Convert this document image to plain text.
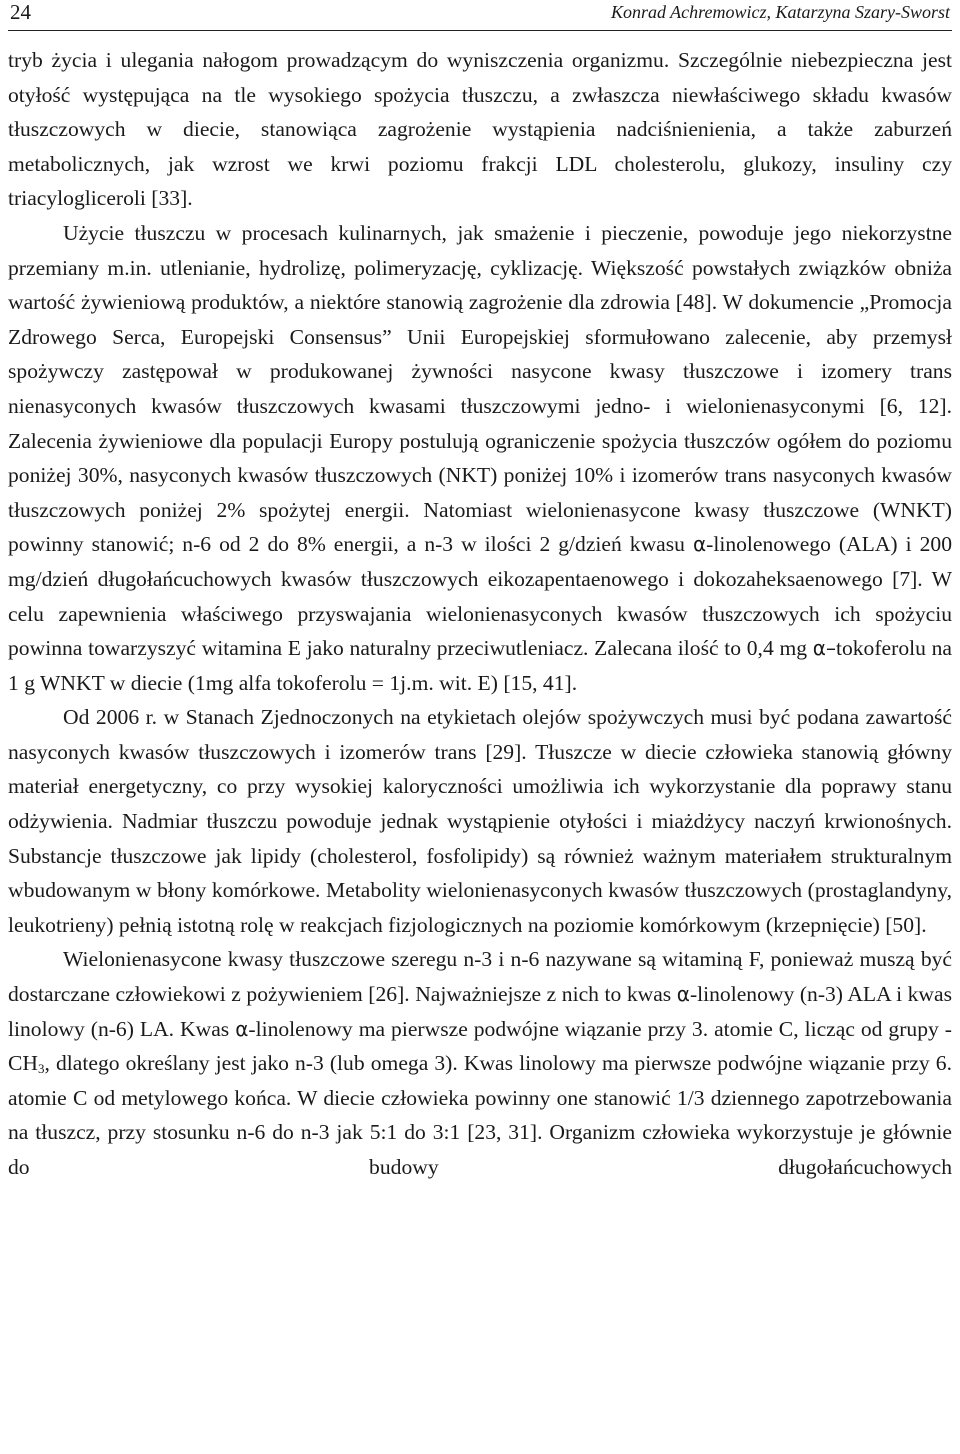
24	Konrad Achremowicz, Katarzyna Szary-Sworst

tryb życia i ulegania nałogom prowadzącym do wyniszczenia organizmu. Szczególnie niebezpieczna jest otyłość występująca na tle wysokiego spożycia tłuszczu, a zwłaszcza niewłaściwego składu kwasów tłuszczowych w diecie, stanowiąca zagrożenie wystąpienia nadciśnienienia, a także zaburzeń metabolicznych, jak wzrost we krwi poziomu frakcji LDL cholesterolu, glukozy, insuliny czy triacylogliceroli [33].

Użycie tłuszczu w procesach kulinarnych, jak smażenie i pieczenie, powoduje jego niekorzystne przemiany m.in. utlenianie, hydrolizę, polimeryzację, cyklizację. Większość powstałych związków obniża wartość żywieniową produktów, a niektóre stanowią zagrożenie dla zdrowia [48]. W dokumencie „Promocja Zdrowego Serca, Europejski Consensus” Unii Europejskiej sformułowano zalecenie, aby przemysł spożywczy zastępował w produkowanej żywności nasycone kwasy tłuszczowe i izomery trans nienasyconych kwasów tłuszczowych kwasami tłuszczowymi jedno- i wielonienasyconymi [6, 12]. Zalecenia żywieniowe dla populacji Europy postulują ograniczenie spożycia tłuszczów ogółem do poziomu poniżej 30%, nasyconych kwasów tłuszczowych (NKT) poniżej 10% i izomerów trans nasyconych kwasów tłuszczowych poniżej 2% spożytej energii. Natomiast wielonienasycone kwasy tłuszczowe (WNKT) powinny stanowić; n-6 od 2 do 8% energii, a n-3 w ilości 2 g/dzień kwasu α-linolenowego (ALA) i 200 mg/dzień długołańcuchowych kwasów tłuszczowych eikozapentaenowego i dokozaheksaenowego [7]. W celu zapewnienia właściwego przyswajania wielonienasyconych kwasów tłuszczowych ich spożyciu powinna towarzyszyć witamina E jako naturalny przeciwutleniacz. Zalecana ilość to 0,4 mg α–tokoferolu na 1 g WNKT w diecie (1mg alfa tokoferolu = 1j.m. wit. E) [15, 41].

Od 2006 r. w Stanach Zjednoczonych na etykietach olejów spożywczych musi być podana zawartość nasyconych kwasów tłuszczowych i izomerów trans [29]. Tłuszcze w diecie człowieka stanowią główny materiał energetyczny, co przy wysokiej kaloryczności umożliwia ich wykorzystanie dla poprawy stanu odżywienia. Nadmiar tłuszczu powoduje jednak wystąpienie otyłości i miażdżycy naczyń krwionośnych. Substancje tłuszczowe jak lipidy (cholesterol, fosfolipidy) są również ważnym materiałem strukturalnym wbudowanym w błony komórkowe. Metabolity wielonienasyconych kwasów tłuszczowych (prostaglandyny, leukotrieny) pełnią istotną rolę w reakcjach fizjologicznych na poziomie komórkowym (krzepnięcie) [50].

Wielonienasycone kwasy tłuszczowe szeregu n-3 i n-6 nazywane są witaminą F, ponieważ muszą być dostarczane człowiekowi z pożywieniem [26]. Najważniejsze z nich to kwas α-linolenowy (n-3) ALA i kwas linolowy (n-6) LA. Kwas α-linolenowy ma pierwsze podwójne wiązanie przy 3. atomie C, licząc od grupy $-CH_3$, dlatego określany jest jako n-3 (lub omega 3). Kwas linolowy ma pierwsze podwójne wiązanie przy 6. atomie C od metylowego końca. W diecie człowieka powinny one stanowić 1/3 dziennego zapotrzebowania na tłuszcz, przy stosunku n-6 do n-3 jak 5:1 do 3:1 [23, 31]. Organizm człowieka wykorzystuje je głównie do budowy długołańcuchowych
